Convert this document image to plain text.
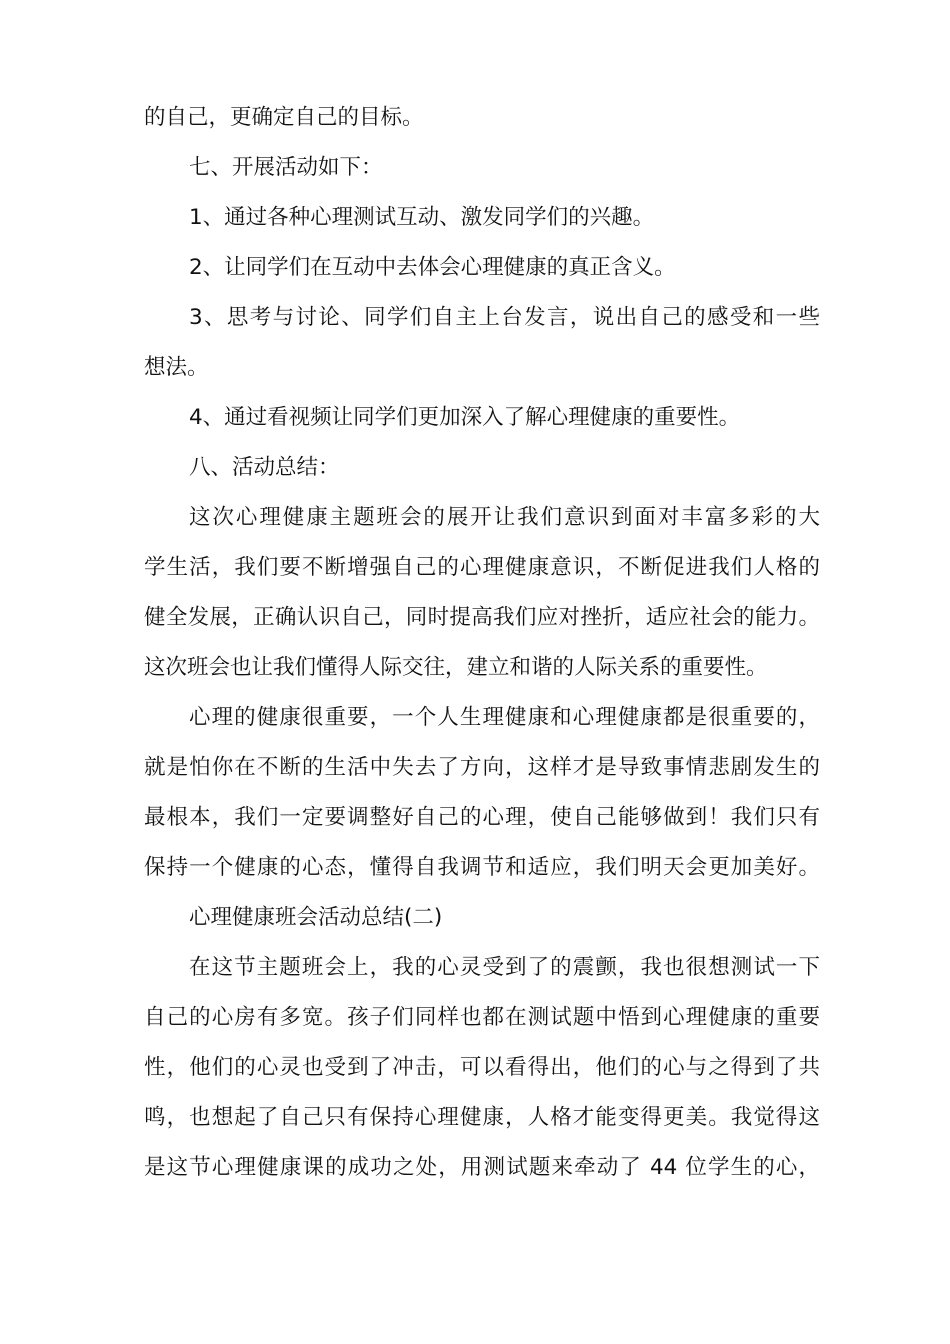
的自己，更确定自己的目标。
七、开展活动如下：
1、通过各种心理测试互动、激发同学们的兴趣。
2、让同学们在互动中去体会心理健康的真正含义。
3、思考与讨论、同学们自主上台发言，说出自己的感受和一些
想法。
4、通过看视频让同学们更加深入了解心理健康的重要性。
八、活动总结：
这次心理健康主题班会的展开让我们意识到面对丰富多彩的大
学生活，我们要不断增强自己的心理健康意识，不断促进我们人格的
健全发展，正确认识自己，同时提高我们应对挫折，适应社会的能力。
这次班会也让我们懂得人际交往，建立和谐的人际关系的重要性。
心理的健康很重要，一个人生理健康和心理健康都是很重要的，
就是怕你在不断的生活中失去了方向，这样才是导致事情悲剧发生的
最根本，我们一定要调整好自己的心理，使自己能够做到！我们只有
保持一个健康的心态，懂得自我调节和适应，我们明天会更加美好。
心理健康班会活动总结(二)
在这节主题班会上，我的心灵受到了的震颤，我也很想测试一下
自己的心房有多宽。孩子们同样也都在测试题中悟到心理健康的重要
性，他们的心灵也受到了冲击，可以看得出，他们的心与之得到了共
鸣，也想起了自己只有保持心理健康，人格才能变得更美。我觉得这
是这节心理健康课的成功之处，用测试题来牵动了 44 位学生的心，
